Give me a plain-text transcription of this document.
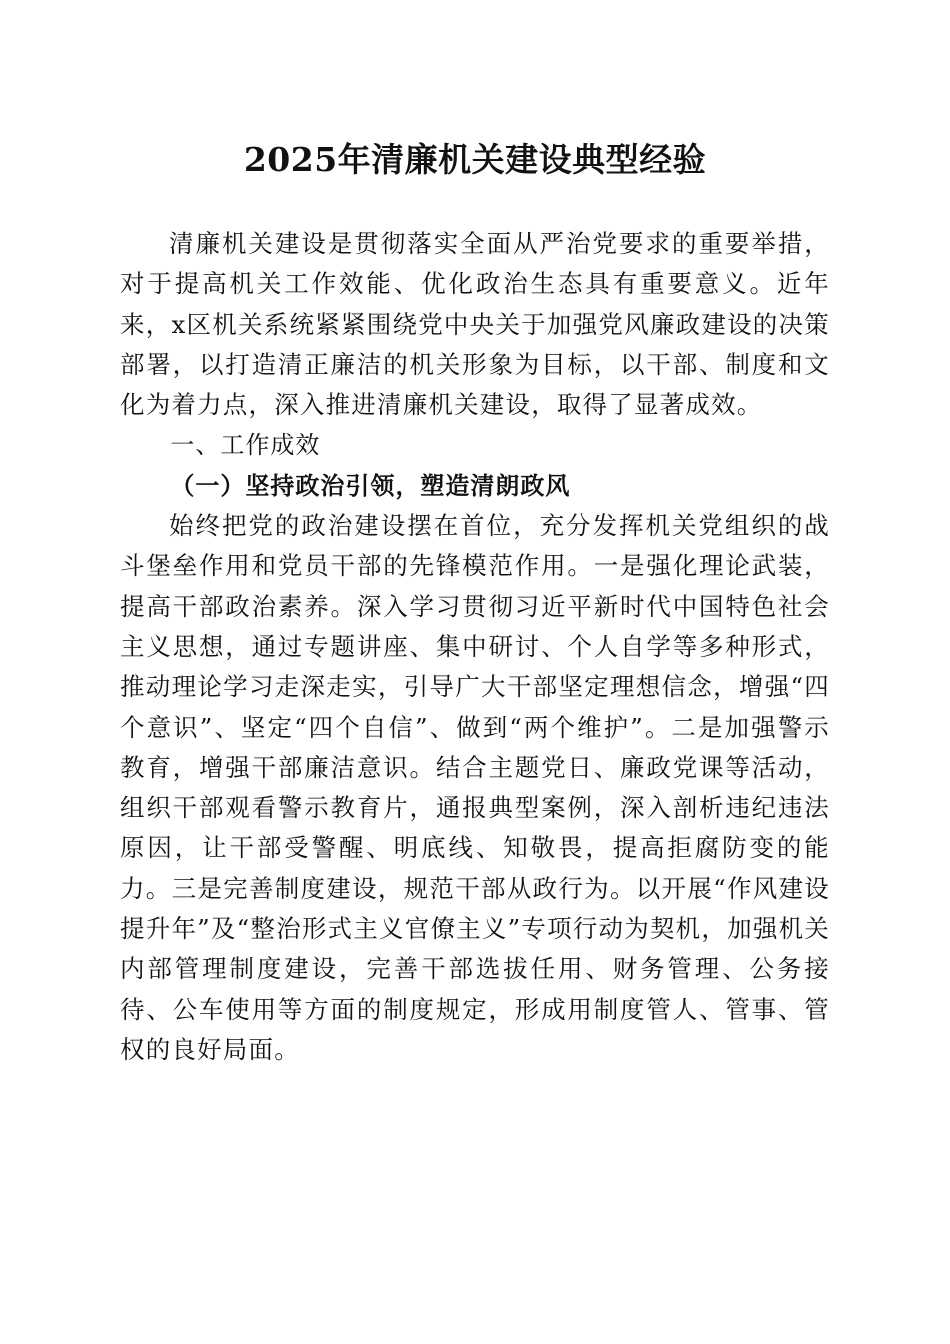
2025年清廉机关建设典型经验

清廉机关建设是贯彻落实全面从严治党要求的重要举措，对于提高机关工作效能、优化政治生态具有重要意义。近年来，x区机关系统紧紧围绕党中央关于加强党风廉政建设的决策部署，以打造清正廉洁的机关形象为目标，以干部、制度和文化为着力点，深入推进清廉机关建设，取得了显著成效。

一、工作成效

（一）坚持政治引领，塑造清朗政风

始终把党的政治建设摆在首位，充分发挥机关党组织的战斗堡垒作用和党员干部的先锋模范作用。一是强化理论武装，提高干部政治素养。深入学习贯彻习近平新时代中国特色社会主义思想，通过专题讲座、集中研讨、个人自学等多种形式，推动理论学习走深走实，引导广大干部坚定理想信念，增强“四个意识”、坚定“四个自信”、做到“两个维护”。二是加强警示教育，增强干部廉洁意识。结合主题党日、廉政党课等活动，组织干部观看警示教育片，通报典型案例，深入剖析违纪违法原因，让干部受警醒、明底线、知敬畏，提高拒腐防变的能力。三是完善制度建设，规范干部从政行为。以开展“作风建设提升年”及“整治形式主义官僚主义”专项行动为契机，加强机关内部管理制度建设，完善干部选拔任用、财务管理、公务接待、公车使用等方面的制度规定，形成用制度管人、管事、管权的良好局面。
